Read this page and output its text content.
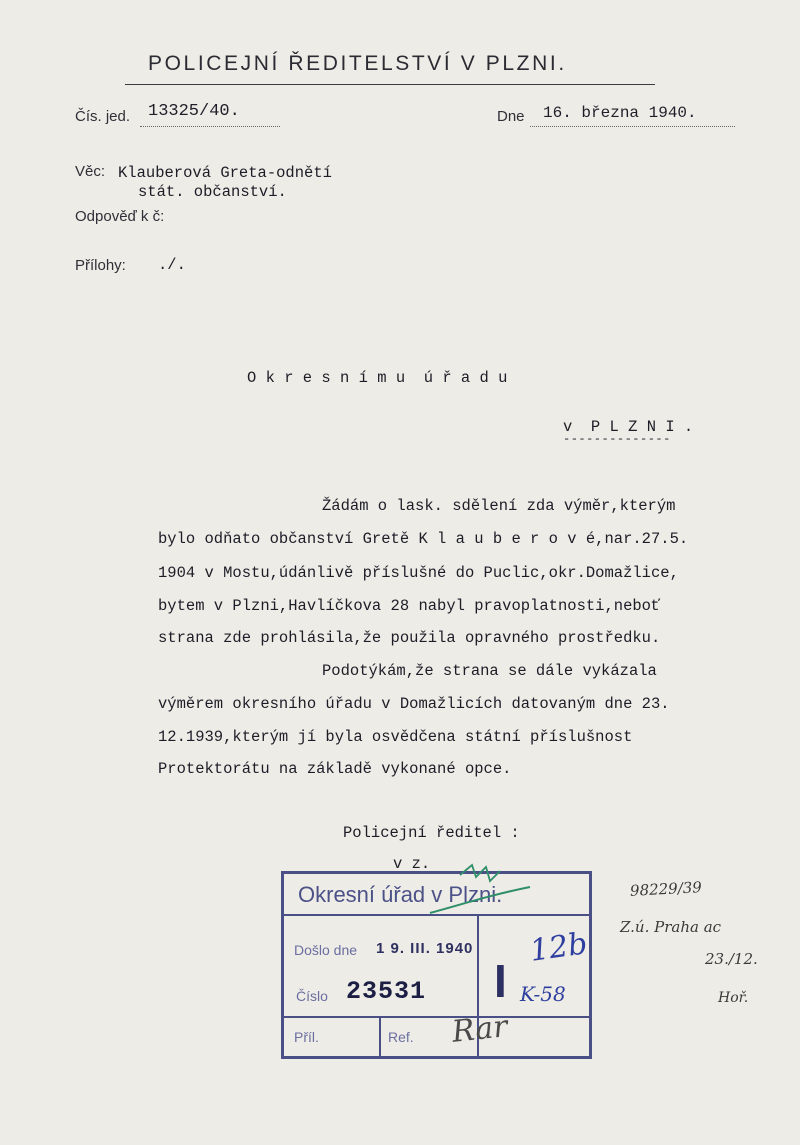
POLICEJNÍ ŘEDITELSTVÍ V PLZNI.
Čís. jed. 13325/40.	Dne 16. března 1940.
Věc: Klauberová Greta-odnětí
stát. občanství.
Odpověď k č:
Přílohy: ./.
O k r e s n í m u  ú ř a d u
v  P L Z N I .
--------------
Žádám o lask. sdělení zda výměr,kterým
bylo odňato občanství Gretě K l a u b e r o v é,nar.27.5.
1904 v Mostu,údánlivě příslušné do Puclic,okr.Domažlice,
bytem v Plzni,Havlíčkova 28 nabyl pravoplatnosti,neboť
strana zde prohlásila,že použila opravného prostředku.
Podotýkám,že strana se dále vykázala
výměrem okresního úřadu v Domažlicích datovaným dne 23.
12.1939,kterým jí byla osvědčena státní příslušnost
Protektorátu na základě vykonané opce.
Policejní ředitel :
v z.
Okresní úřad v Plzni.
Došlo dne 1 9. III. 1940
Číslo 23531 I
Příl.	Ref.
12b
K-58
Rar
98229/39
Z.ú. Praha ac
23./12.
Hoř.
